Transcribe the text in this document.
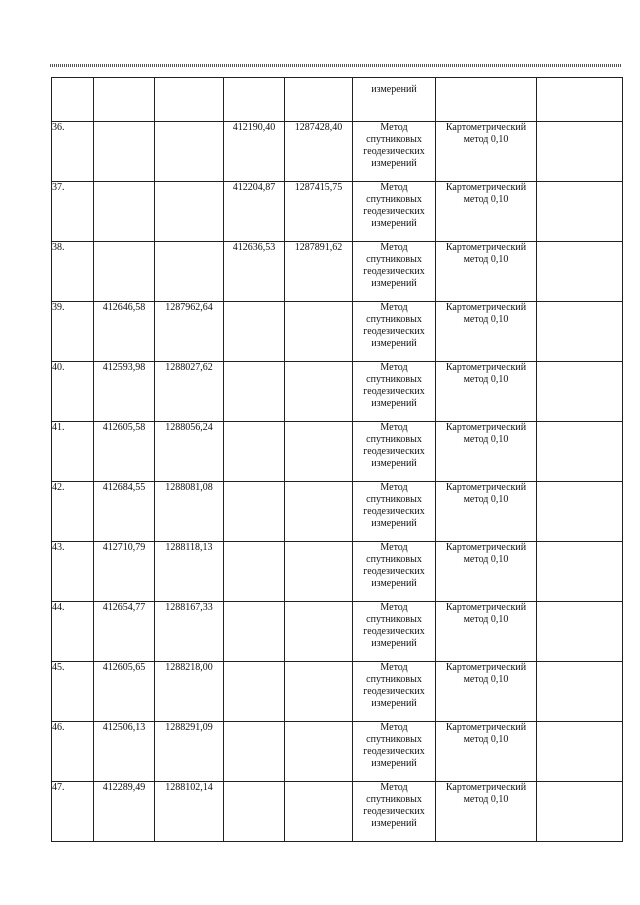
					измерений		
36.			412190,40	1287428,40	Метод спутниковых геодезических измерений	Картометрический метод 0,10	
37.			412204,87	1287415,75	Метод спутниковых геодезических измерений	Картометрический метод 0,10	
38.			412636,53	1287891,62	Метод спутниковых геодезических измерений	Картометрический метод 0,10	
39.	412646,58	1287962,64			Метод спутниковых геодезических измерений	Картометрический метод 0,10	
40.	412593,98	1288027,62			Метод спутниковых геодезических измерений	Картометрический метод 0,10	
41.	412605,58	1288056,24			Метод спутниковых геодезических измерений	Картометрический метод 0,10	
42.	412684,55	1288081,08			Метод спутниковых геодезических измерений	Картометрический метод 0,10	
43.	412710,79	1288118,13			Метод спутниковых геодезических измерений	Картометрический метод 0,10	
44.	412654,77	1288167,33			Метод спутниковых геодезических измерений	Картометрический метод 0,10	
45.	412605,65	1288218,00			Метод спутниковых геодезических измерений	Картометрический метод 0,10	
46.	412506,13	1288291,09			Метод спутниковых геодезических измерений	Картометрический метод 0,10	
47.	412289,49	1288102,14			Метод спутниковых геодезических измерений	Картометрический метод 0,10	
